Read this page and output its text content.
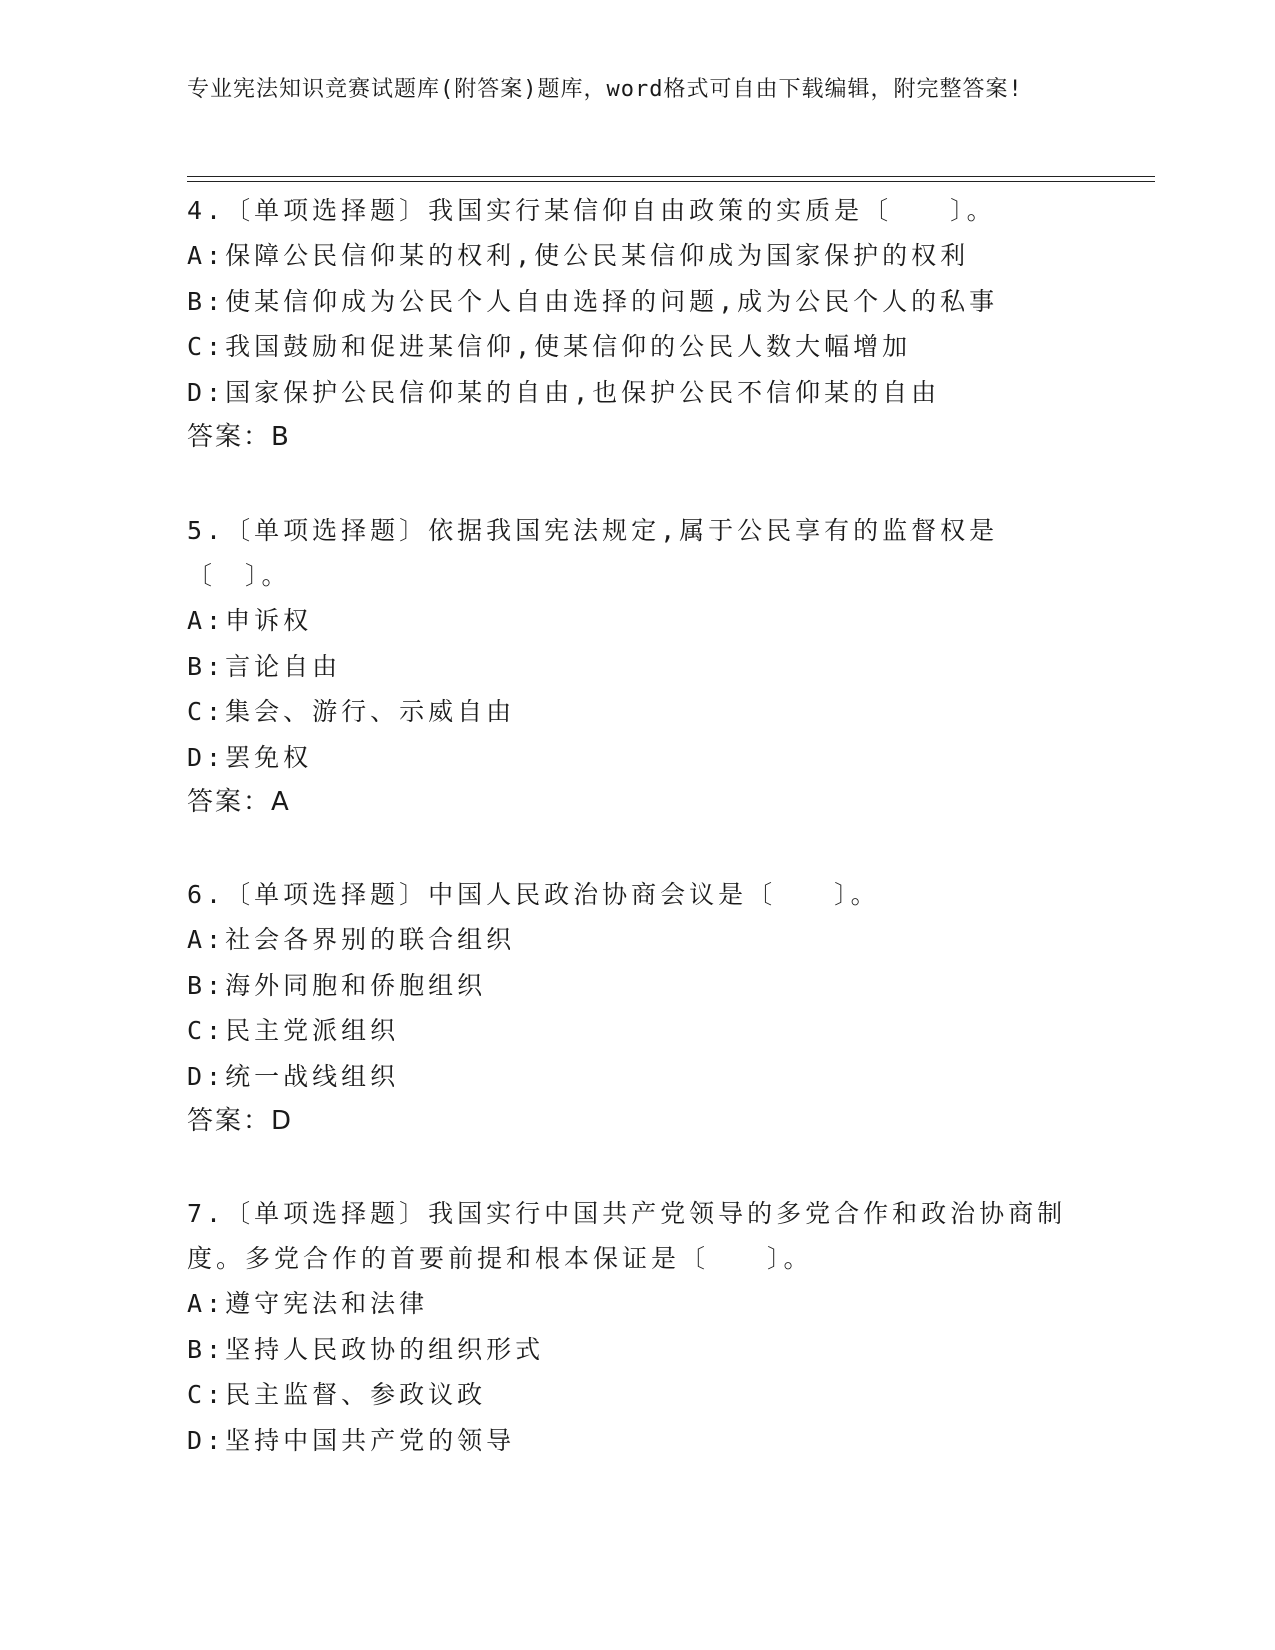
专业宪法知识竞赛试题库(附答案)题库，word格式可自由下载编辑，附完整答案!

4.〔单项选择题〕我国实行某信仰自由政策的实质是〔　　〕。

A:保障公民信仰某的权利,使公民某信仰成为国家保护的权利

B:使某信仰成为公民个人自由选择的问题,成为公民个人的私事

C:我国鼓励和促进某信仰,使某信仰的公民人数大幅增加

D:国家保护公民信仰某的自由,也保护公民不信仰某的自由

答案：B

5.〔单项选择题〕依据我国宪法规定,属于公民享有的监督权是〔　〕。

A:申诉权

B:言论自由

C:集会、游行、示威自由

D:罢免权

答案：A

6.〔单项选择题〕中国人民政治协商会议是〔　　〕。

A:社会各界别的联合组织

B:海外同胞和侨胞组织

C:民主党派组织

D:统一战线组织

答案：D

7.〔单项选择题〕我国实行中国共产党领导的多党合作和政治协商制度。多党合作的首要前提和根本保证是〔　　〕。

A:遵守宪法和法律

B:坚持人民政协的组织形式

C:民主监督、参政议政

D:坚持中国共产党的领导
